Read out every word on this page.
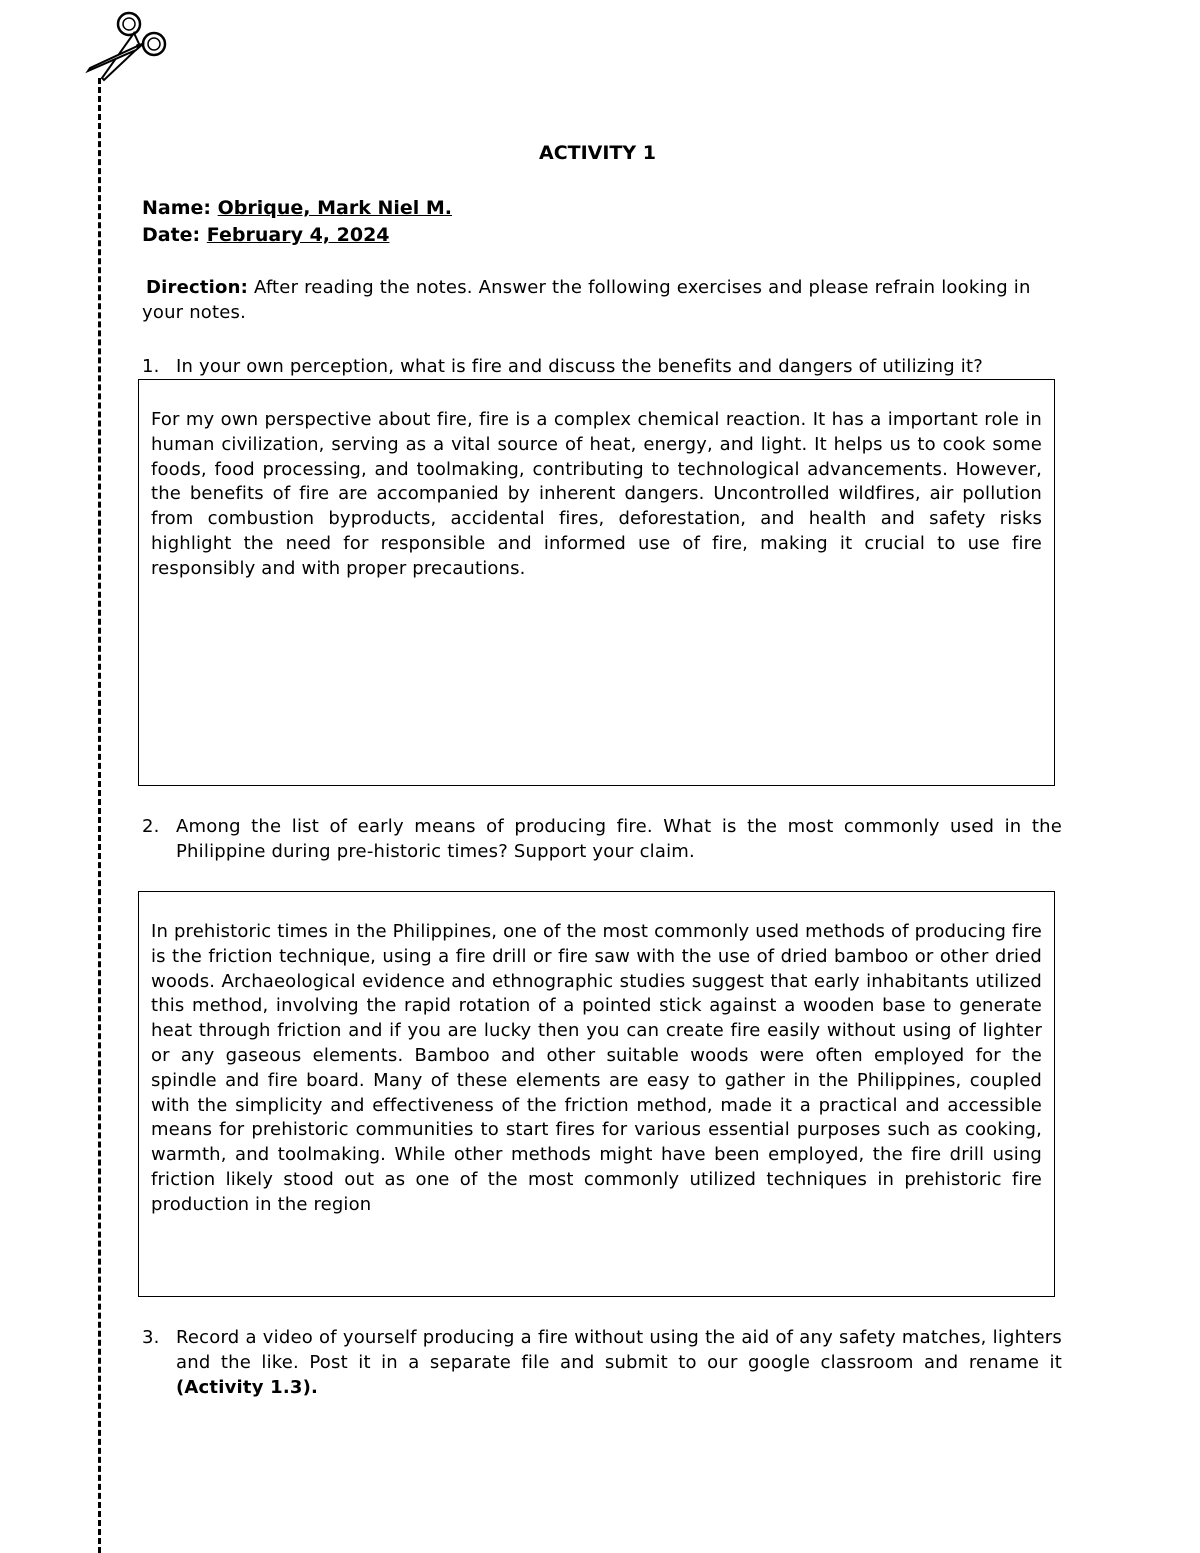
ACTIVITY 1
Name: Obrique, Mark Niel M.
Date: February 4, 2024
Direction: After reading the notes. Answer the following exercises and please refrain looking in your notes.
1. In your own perception, what is fire and discuss the benefits and dangers of utilizing it?
For my own perspective about fire, fire is a complex chemical reaction. It has a important role in human civilization, serving as a vital source of heat, energy, and light. It helps us to cook some foods, food processing, and toolmaking, contributing to technological advancements. However, the benefits of fire are accompanied by inherent dangers. Uncontrolled wildfires, air pollution from combustion byproducts, accidental fires, deforestation, and health and safety risks highlight the need for responsible and informed use of fire, making it crucial to use fire responsibly and with proper precautions.
2. Among the list of early means of producing fire. What is the most commonly used in the Philippine during pre-historic times? Support your claim.
In prehistoric times in the Philippines, one of the most commonly used methods of producing fire is the friction technique, using a fire drill or fire saw with the use of dried bamboo or other dried woods. Archaeological evidence and ethnographic studies suggest that early inhabitants utilized this method, involving the rapid rotation of a pointed stick against a wooden base to generate heat through friction and if you are lucky then you can create fire easily without using of lighter or any gaseous elements. Bamboo and other suitable woods were often employed for the spindle and fire board. Many of these elements are easy to gather in the Philippines, coupled with the simplicity and effectiveness of the friction method, made it a practical and accessible means for prehistoric communities to start fires for various essential purposes such as cooking, warmth, and toolmaking. While other methods might have been employed, the fire drill using friction likely stood out as one of the most commonly utilized techniques in prehistoric fire production in the region
3. Record a video of yourself producing a fire without using the aid of any safety matches, lighters and the like. Post it in a separate file and submit to our google classroom and rename it (Activity 1.3).
